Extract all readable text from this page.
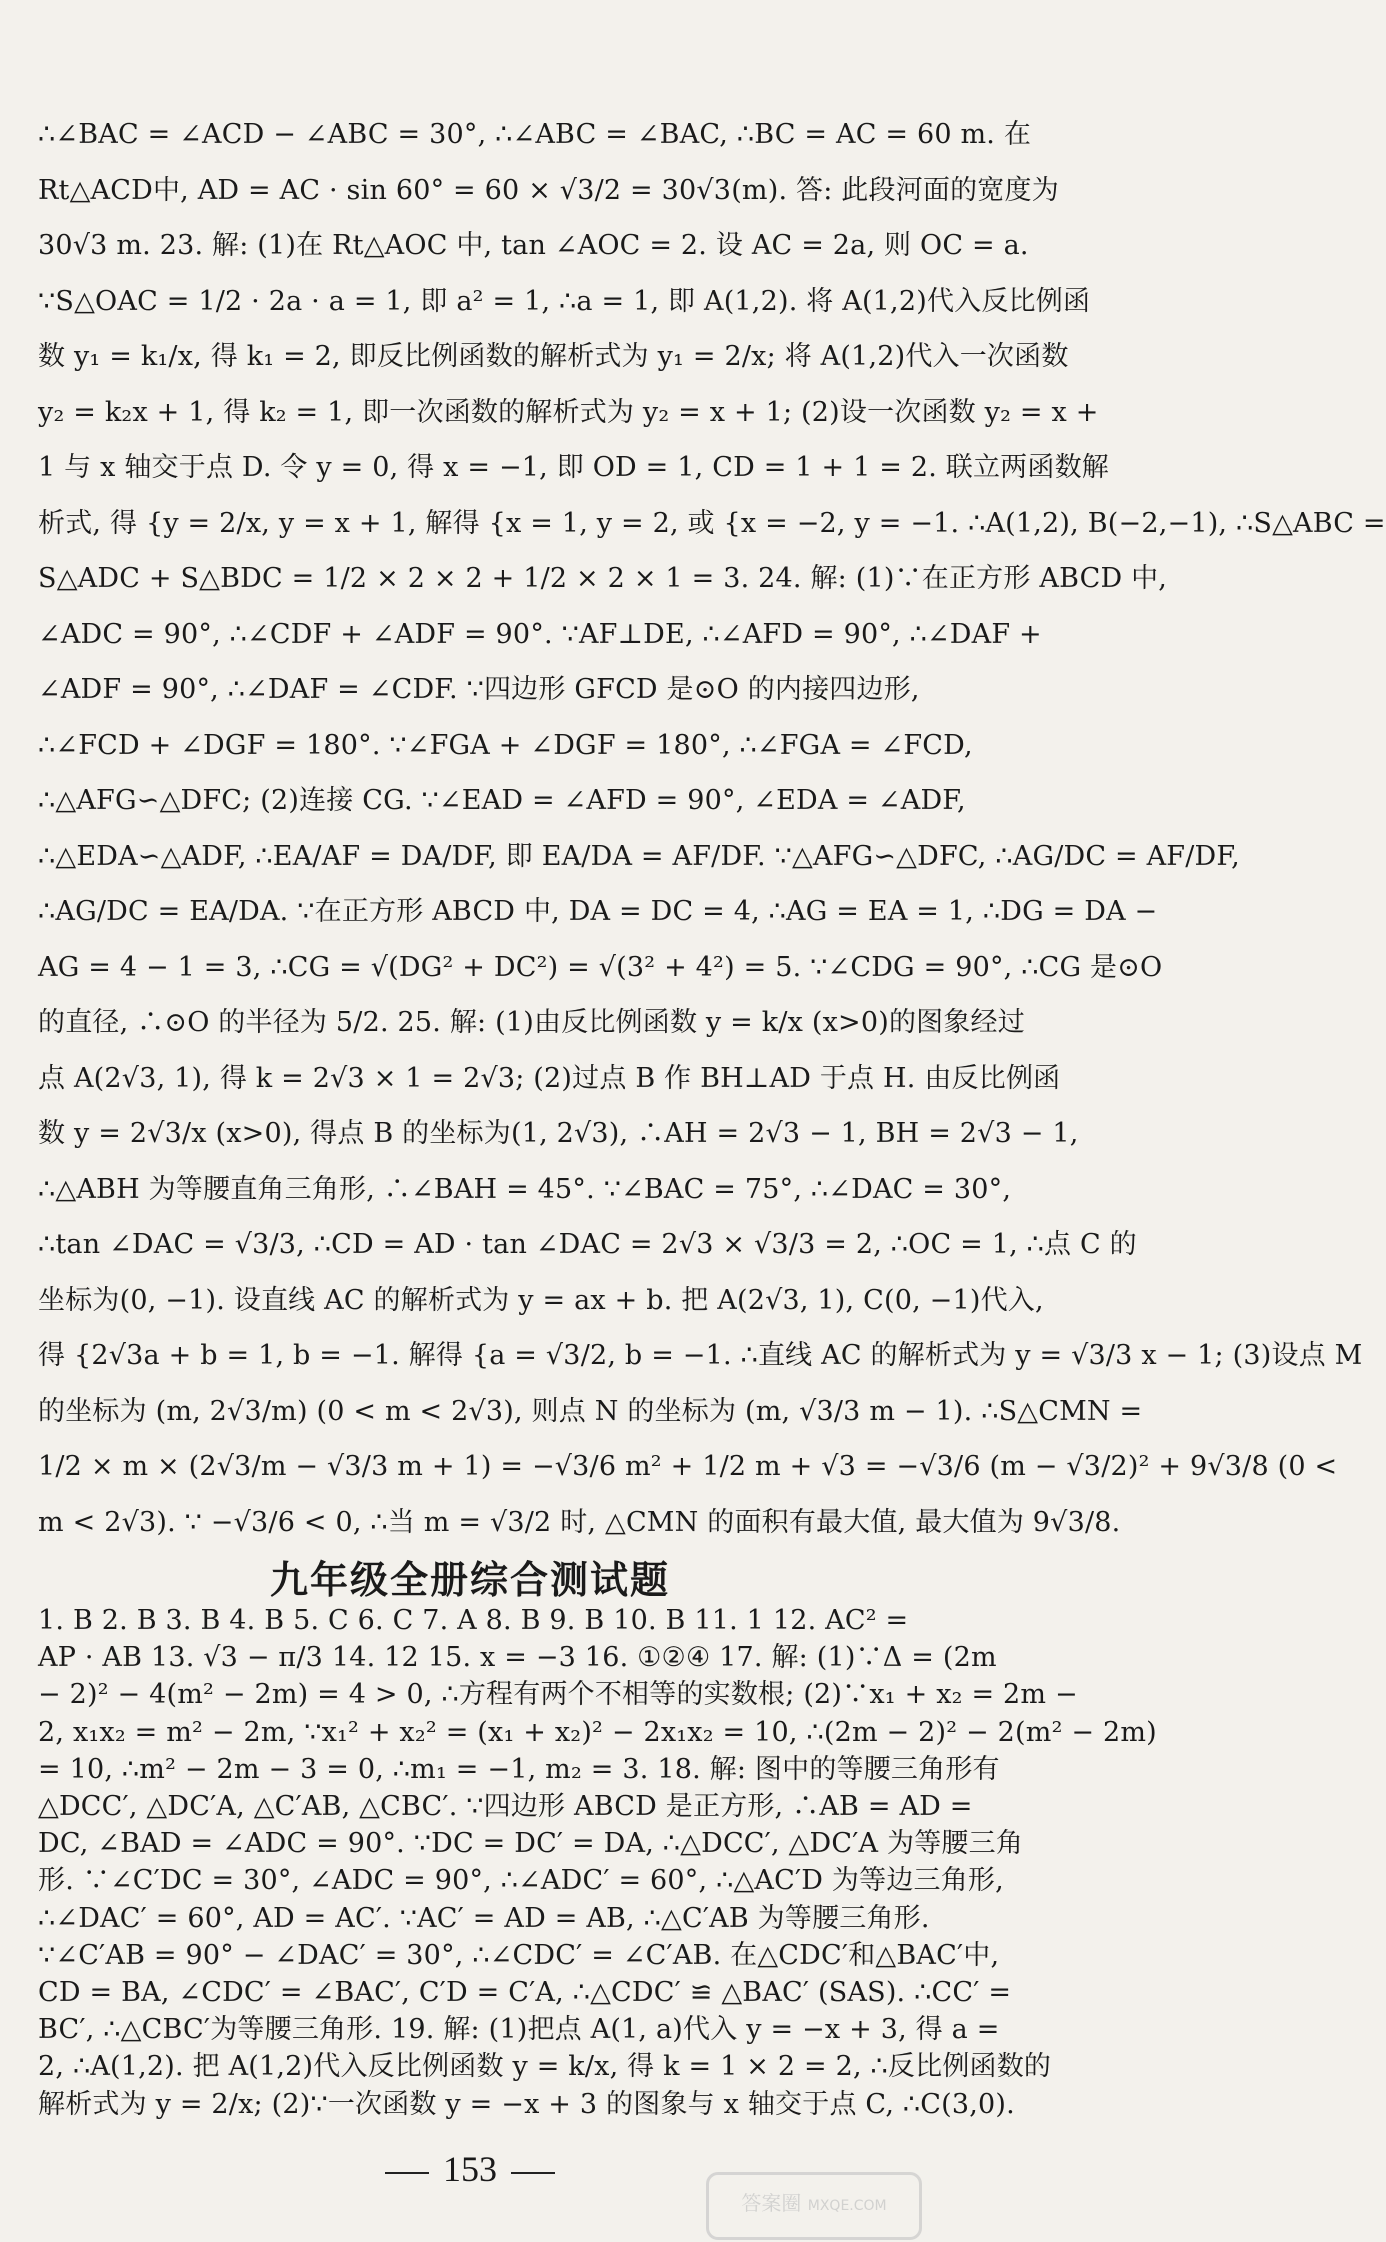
∴∠BAC = ∠ACD − ∠ABC = 30°, ∴∠ABC = ∠BAC, ∴BC = AC = 60 m. 在
Rt△ACD中, AD = AC · sin 60° = 60 × √3/2 = 30√3(m). 答: 此段河面的宽度为
30√3 m. 23. 解: (1)在 Rt△AOC 中, tan ∠AOC = 2. 设 AC = 2a, 则 OC = a.
∵S△OAC = 1/2 · 2a · a = 1, 即 a² = 1, ∴a = 1, 即 A(1,2). 将 A(1,2)代入反比例函
数 y₁ = k₁/x, 得 k₁ = 2, 即反比例函数的解析式为 y₁ = 2/x; 将 A(1,2)代入一次函数
y₂ = k₂x + 1, 得 k₂ = 1, 即一次函数的解析式为 y₂ = x + 1; (2)设一次函数 y₂ = x +
1 与 x 轴交于点 D. 令 y = 0, 得 x = −1, 即 OD = 1, CD = 1 + 1 = 2. 联立两函数解
析式, 得 {y = 2/x, y = x + 1, 解得 {x = 1, y = 2, 或 {x = −2, y = −1. ∴A(1,2), B(−2,−1), ∴S△ABC =
S△ADC + S△BDC = 1/2 × 2 × 2 + 1/2 × 2 × 1 = 3. 24. 解: (1)∵在正方形 ABCD 中,
∠ADC = 90°, ∴∠CDF + ∠ADF = 90°. ∵AF⊥DE, ∴∠AFD = 90°, ∴∠DAF +
∠ADF = 90°, ∴∠DAF = ∠CDF. ∵四边形 GFCD 是⊙O 的内接四边形,
∴∠FCD + ∠DGF = 180°. ∵∠FGA + ∠DGF = 180°, ∴∠FGA = ∠FCD,
∴△AFG∽△DFC; (2)连接 CG. ∵∠EAD = ∠AFD = 90°, ∠EDA = ∠ADF,
∴△EDA∽△ADF, ∴EA/AF = DA/DF, 即 EA/DA = AF/DF. ∵△AFG∽△DFC, ∴AG/DC = AF/DF,
∴AG/DC = EA/DA. ∵在正方形 ABCD 中, DA = DC = 4, ∴AG = EA = 1, ∴DG = DA −
AG = 4 − 1 = 3, ∴CG = √(DG² + DC²) = √(3² + 4²) = 5. ∵∠CDG = 90°, ∴CG 是⊙O
的直径, ∴⊙O 的半径为 5/2. 25. 解: (1)由反比例函数 y = k/x (x>0)的图象经过
点 A(2√3, 1), 得 k = 2√3 × 1 = 2√3; (2)过点 B 作 BH⊥AD 于点 H. 由反比例函
数 y = 2√3/x (x>0), 得点 B 的坐标为(1, 2√3), ∴AH = 2√3 − 1, BH = 2√3 − 1,
∴△ABH 为等腰直角三角形, ∴∠BAH = 45°. ∵∠BAC = 75°, ∴∠DAC = 30°,
∴tan ∠DAC = √3/3, ∴CD = AD · tan ∠DAC = 2√3 × √3/3 = 2, ∴OC = 1, ∴点 C 的
坐标为(0, −1). 设直线 AC 的解析式为 y = ax + b. 把 A(2√3, 1), C(0, −1)代入,
得 {2√3a + b = 1, b = −1. 解得 {a = √3/2, b = −1. ∴直线 AC 的解析式为 y = √3/3 x − 1; (3)设点 M
的坐标为 (m, 2√3/m) (0 < m < 2√3), 则点 N 的坐标为 (m, √3/3 m − 1). ∴S△CMN =
1/2 × m × (2√3/m − √3/3 m + 1) = −√3/6 m² + 1/2 m + √3 = −√3/6 (m − √3/2)² + 9√3/8 (0 <
m < 2√3). ∵ −√3/6 < 0, ∴当 m = √3/2 时, △CMN 的面积有最大值, 最大值为 9√3/8.
九年级全册综合测试题
1. B 2. B 3. B 4. B 5. C 6. C 7. A 8. B 9. B 10. B 11. 1 12. AC² =
AP · AB 13. √3 − π/3 14. 12 15. x = −3 16. ①②④ 17. 解: (1)∵Δ = (2m
− 2)² − 4(m² − 2m) = 4 > 0, ∴方程有两个不相等的实数根; (2)∵x₁ + x₂ = 2m −
2, x₁x₂ = m² − 2m, ∵x₁² + x₂² = (x₁ + x₂)² − 2x₁x₂ = 10, ∴(2m − 2)² − 2(m² − 2m)
= 10, ∴m² − 2m − 3 = 0, ∴m₁ = −1, m₂ = 3. 18. 解: 图中的等腰三角形有
△DCC′, △DC′A, △C′AB, △CBC′. ∵四边形 ABCD 是正方形, ∴AB = AD =
DC, ∠BAD = ∠ADC = 90°. ∵DC = DC′ = DA, ∴△DCC′, △DC′A 为等腰三角
形. ∵∠C′DC = 30°, ∠ADC = 90°, ∴∠ADC′ = 60°, ∴△AC′D 为等边三角形,
∴∠DAC′ = 60°, AD = AC′. ∵AC′ = AD = AB, ∴△C′AB 为等腰三角形.
∵∠C′AB = 90° − ∠DAC′ = 30°, ∴∠CDC′ = ∠C′AB. 在△CDC′和△BAC′中,
CD = BA, ∠CDC′ = ∠BAC′, C′D = C′A, ∴△CDC′ ≌ △BAC′ (SAS). ∴CC′ =
BC′, ∴△CBC′为等腰三角形. 19. 解: (1)把点 A(1, a)代入 y = −x + 3, 得 a =
2, ∴A(1,2). 把 A(1,2)代入反比例函数 y = k/x, 得 k = 1 × 2 = 2, ∴反比例函数的
解析式为 y = 2/x; (2)∵一次函数 y = −x + 3 的图象与 x 轴交于点 C, ∴C(3,0).
153
答案圈 MXQE.COM
